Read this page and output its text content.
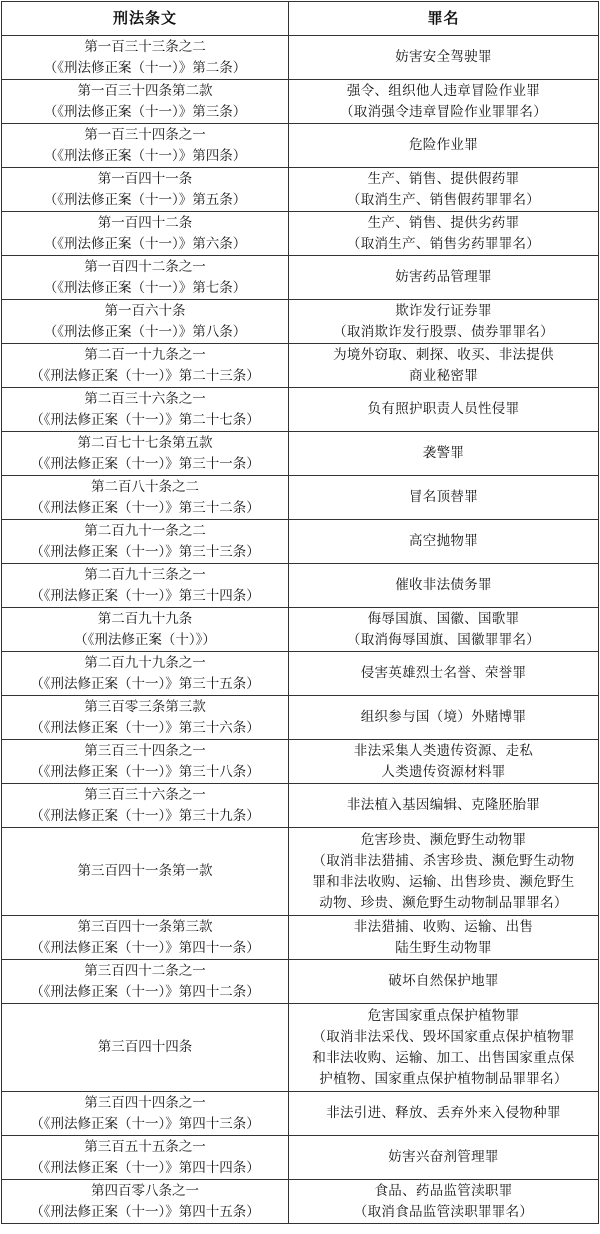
刑法条文	罪名

第一百三十三条之二
（《刑法修正案（十一）》第二条）	妨害安全驾驶罪

第一百三十四条第二款
（《刑法修正案（十一）》第三条）	强令、组织他人违章冒险作业罪
（取消强令违章冒险作业罪罪名）

第一百三十四条之一
（《刑法修正案（十一）》第四条）	危险作业罪

第一百四十一条
（《刑法修正案（十一）》第五条）	生产、销售、提供假药罪
（取消生产、销售假药罪罪名）

第一百四十二条
（《刑法修正案（十一）》第六条）	生产、销售、提供劣药罪
（取消生产、销售劣药罪罪名）

第一百四十二条之一
（《刑法修正案（十一）》第七条）	妨害药品管理罪

第一百六十条
（《刑法修正案（十一）》第八条）	欺诈发行证券罪
（取消欺诈发行股票、债券罪罪名）

第二百一十九条之一
（《刑法修正案（十一）》第二十三条）	为境外窃取、刺探、收买、非法提供
商业秘密罪

第二百三十六条之一
（《刑法修正案（十一）》第二十七条）	负有照护职责人员性侵罪

第二百七十七条第五款
（《刑法修正案（十一）》第三十一条）	袭警罪

第二百八十条之二
（《刑法修正案（十一）》第三十二条）	冒名顶替罪

第二百九十一条之二
（《刑法修正案（十一）》第三十三条）	高空抛物罪

第二百九十三条之一
（《刑法修正案（十一）》第三十四条）	催收非法债务罪

第二百九十九条
（《刑法修正案（十）》）	侮辱国旗、国徽、国歌罪
（取消侮辱国旗、国徽罪罪名）

第二百九十九条之一
（《刑法修正案（十一）》第三十五条）	侵害英雄烈士名誉、荣誉罪

第三百零三条第三款
（《刑法修正案（十一）》第三十六条）	组织参与国（境）外赌博罪

第三百三十四条之一
（《刑法修正案（十一）》第三十八条）	非法采集人类遗传资源、走私
人类遗传资源材料罪

第三百三十六条之一
（《刑法修正案（十一）》第三十九条）	非法植入基因编辑、克隆胚胎罪

第三百四十一条第一款	危害珍贵、濒危野生动物罪
（取消非法猎捕、杀害珍贵、濒危野生动物
罪和非法收购、运输、出售珍贵、濒危野生
动物、珍贵、濒危野生动物制品罪罪名）

第三百四十一条第三款
（《刑法修正案（十一）》第四十一条）	非法猎捕、收购、运输、出售
陆生野生动物罪

第三百四十二条之一
（《刑法修正案（十一）》第四十二条）	破坏自然保护地罪

第三百四十四条	危害国家重点保护植物罪
（取消非法采伐、毁坏国家重点保护植物罪
和非法收购、运输、加工、出售国家重点保
护植物、国家重点保护植物制品罪罪名）

第三百四十四条之一
（《刑法修正案（十一）》第四十三条）	非法引进、释放、丢弃外来入侵物种罪

第三百五十五条之一
（《刑法修正案（十一）》第四十四条）	妨害兴奋剂管理罪

第四百零八条之一
（《刑法修正案（十一）》第四十五条）	食品、药品监管渎职罪
（取消食品监管渎职罪罪名）
